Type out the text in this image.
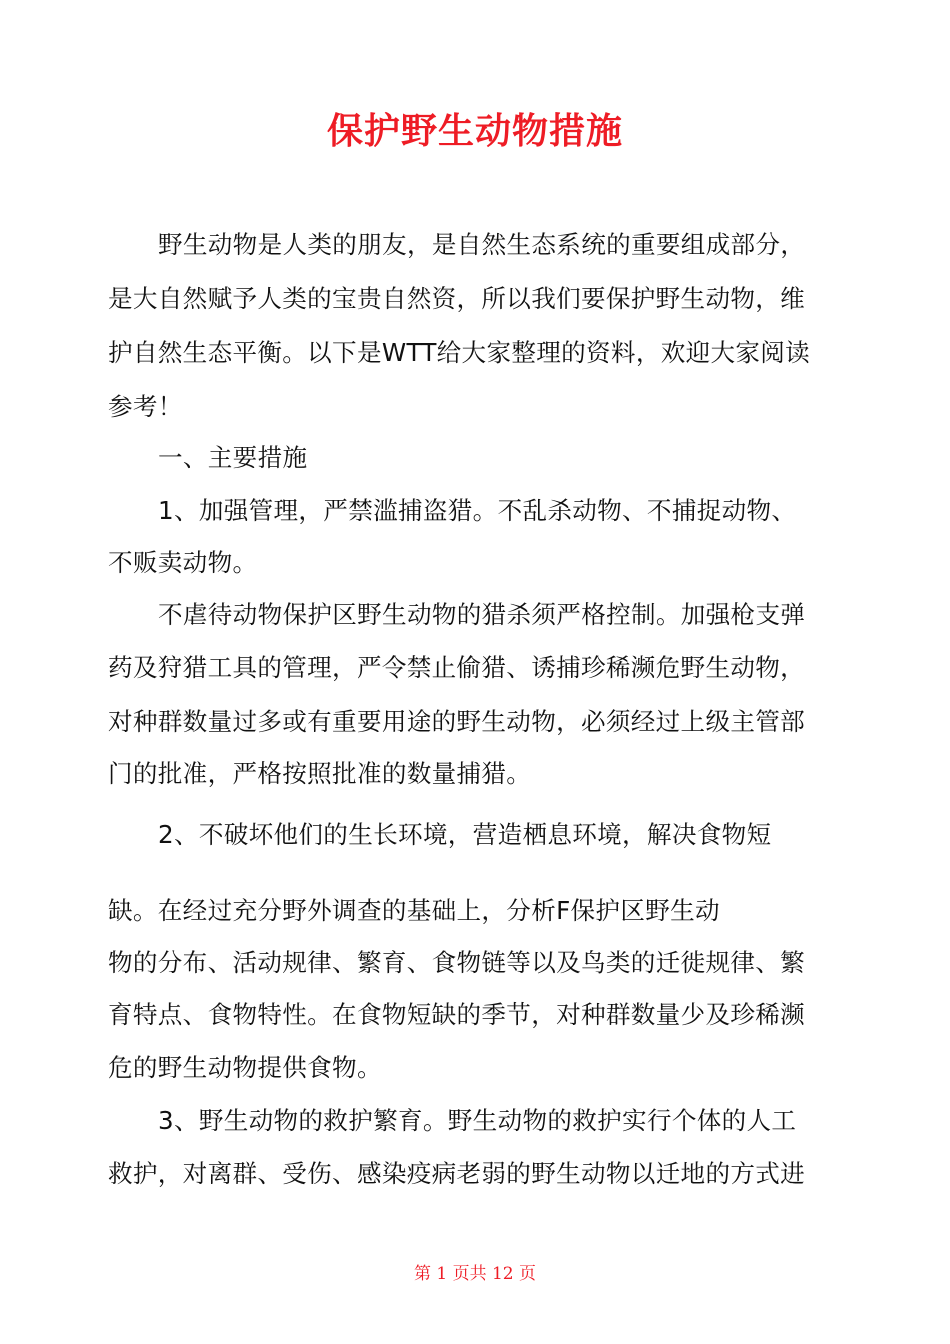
保护野生动物措施
野生动物是人类的朋友，是自然生态系统的重要组成部分，
是大自然赋予人类的宝贵自然资，所以我们要保护野生动物，维
护自然生态平衡。以下是WTT给大家整理的资料，欢迎大家阅读
参考！
一、主要措施
1、加强管理，严禁滥捕盗猎。不乱杀动物、不捕捉动物、
不贩卖动物。
不虐待动物保护区野生动物的猎杀须严格控制。加强枪支弹
药及狩猎工具的管理，严令禁止偷猎、诱捕珍稀濒危野生动物，
对种群数量过多或有重要用途的野生动物，必须经过上级主管部
门的批准，严格按照批准的数量捕猎。
2、不破坏他们的生长环境，营造栖息环境，解决食物短
缺。在经过充分野外调查的基础上，分析F保护区野生动
物的分布、活动规律、繁育、食物链等以及鸟类的迁徙规律、繁
育特点、食物特性。在食物短缺的季节，对种群数量少及珍稀濒
危的野生动物提供食物。
3、野生动物的救护繁育。野生动物的救护实行个体的人工
救护，对离群、受伤、感染疫病老弱的野生动物以迁地的方式进
第 1 页共 12 页
